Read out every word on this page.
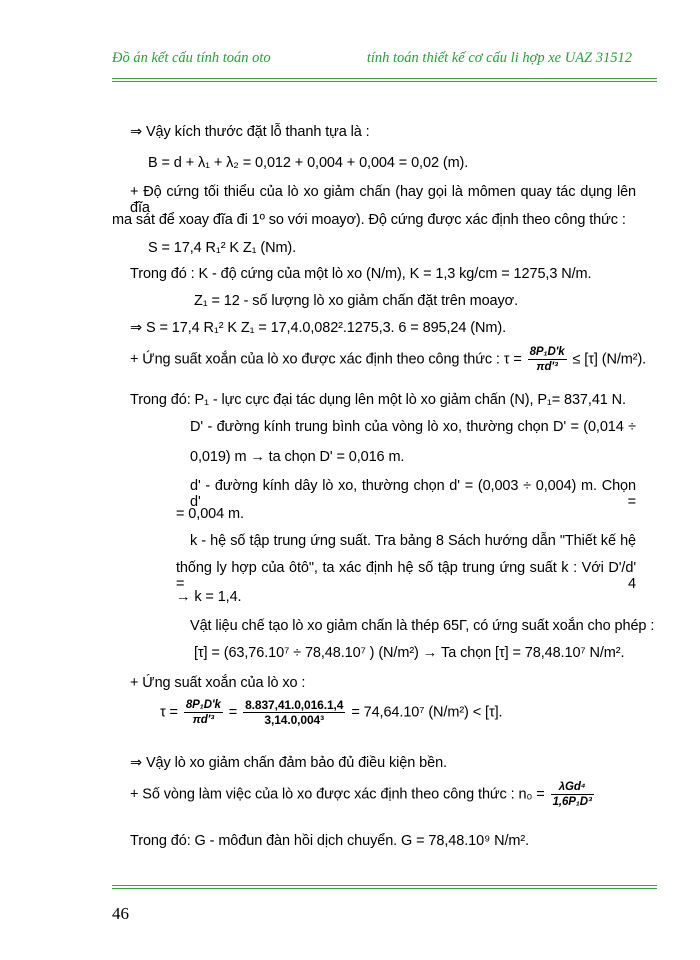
Đồ án kết cấu tính toán oto	tính toán thiết kế cơ cấu li hợp xe UAZ 31512
⇒ Vậy kích thước đặt lỗ thanh tựa là :
B = d + λ₁ + λ₂ = 0,012 + 0,004 + 0,004 = 0,02 (m).
+ Độ cứng tối thiểu của lò xo giảm chấn (hay gọi là mômen quay tác dụng lên đĩa
ma sát để xoay đĩa đi 1º so với moayơ). Độ cứng được xác định theo công thức :
S = 17,4 R₁² K Z₁ (Nm).
Trong đó : K - độ cứng của một lò xo (N/m), K = 1,3 kg/cm = 1275,3 N/m.
Z₁ = 12 - số lượng lò xo giảm chấn đặt trên moayơ.
⇒ S = 17,4 R₁² K Z₁ = 17,4.0,082².1275,3. 6 = 895,24 (Nm).
+ Ứng suất xoắn của lò xo được xác định theo công thức : $\tau = \frac{\text{8P₁D'k}}{\text{πd'³}} \le [\tau]$ (N/m²).
Trong đó: P₁ - lực cực đại tác dụng lên một lò xo giảm chấn (N), P₁= 837,41 N.
D' - đường kính trung bình của vòng lò xo, thường chọn D' = (0,014 ÷
0,019) m → ta chọn D' = 0,016 m.
d' - đường kính dây lò xo, thường chọn d' = (0,003 ÷ 0,004) m. Chọn d' =
= 0,004 m.
k - hệ số tập trung ứng suất. Tra bảng 8 Sách hướng dẫn "Thiết kế hệ
thống ly hợp của ôtô", ta xác định hệ số tập trung ứng suất k : Với D'/d' = 4
→ k = 1,4.
Vật liệu chế tạo lò xo giảm chấn là thép 65Γ, có ứng suất xoắn cho phép :
[τ] = (63,76.10⁷ ÷ 78,48.10⁷ ) (N/m²) → Ta chọn [τ] = 78,48.10⁷ N/m².
+ Ứng suất xoắn của lò xo :
$\tau = \frac{\text{8P₁D'k}}{\text{πd'³}} = \frac{8.837,41.0,016.1,4}{\text{3,14.0,004³}} = 74,64.10^7$ (N/m²) < [τ].
⇒ Vậy lò xo giảm chấn đảm bảo đủ điều kiện bền.
+ Số vòng làm việc của lò xo được xác định theo công thức : $n_0 = \frac{\text{λGd⁴}}{\text{1,6P₁D³}}$
Trong đó: G - môđun đàn hồi dịch chuyển. G = 78,48.10⁹ N/m².
46
